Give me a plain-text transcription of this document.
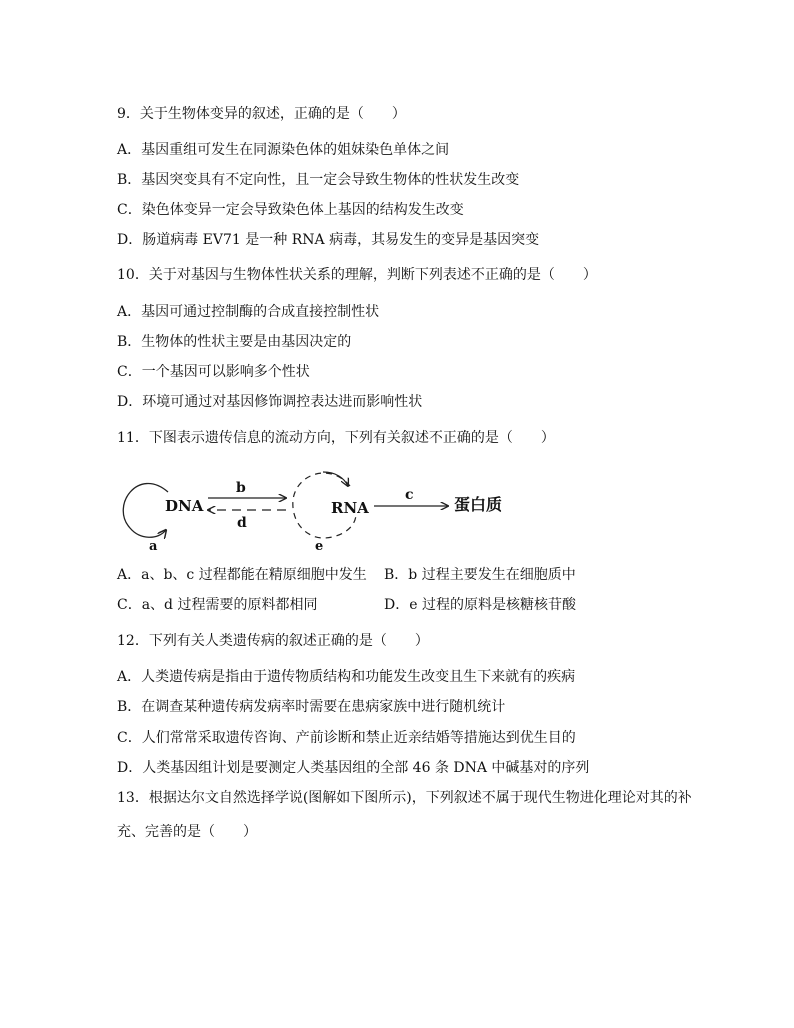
9．关于生物体变异的叙述，正确的是（　　）
A．基因重组可发生在同源染色体的姐妹染色单体之间
B．基因突变具有不定向性，且一定会导致生物体的性状发生改变
C．染色体变异一定会导致染色体上基因的结构发生改变
D．肠道病毒 EV71 是一种 RNA 病毒，其易发生的变异是基因突变
10．关于对基因与生物体性状关系的理解，判断下列表述不正确的是（　　）
A．基因可通过控制酶的合成直接控制性状
B．生物体的性状主要是由基因决定的
C．一个基因可以影响多个性状
D．环境可通过对基因修饰调控表达进而影响性状
11．下图表示遗传信息的流动方向，下列有关叙述不正确的是（　　）
DNA	RNA	蛋白质
a
b	c
d
e
A．a、b、c 过程都能在精原细胞中发生 B．b 过程主要发生在细胞质中
C．a、d 过程需要的原料都相同	D．e 过程的原料是核糖核苷酸
12．下列有关人类遗传病的叙述正确的是（　　）
A．人类遗传病是指由于遗传物质结构和功能发生改变且生下来就有的疾病
B．在调查某种遗传病发病率时需要在患病家族中进行随机统计
C．人们常常采取遗传咨询、产前诊断和禁止近亲结婚等措施达到优生目的
D．人类基因组计划是要测定人类基因组的全部 46 条 DNA 中碱基对的序列
13．根据达尔文自然选择学说(图解如下图所示)，下列叙述不属于现代生物进化理论对其的补
充、完善的是（　　）
